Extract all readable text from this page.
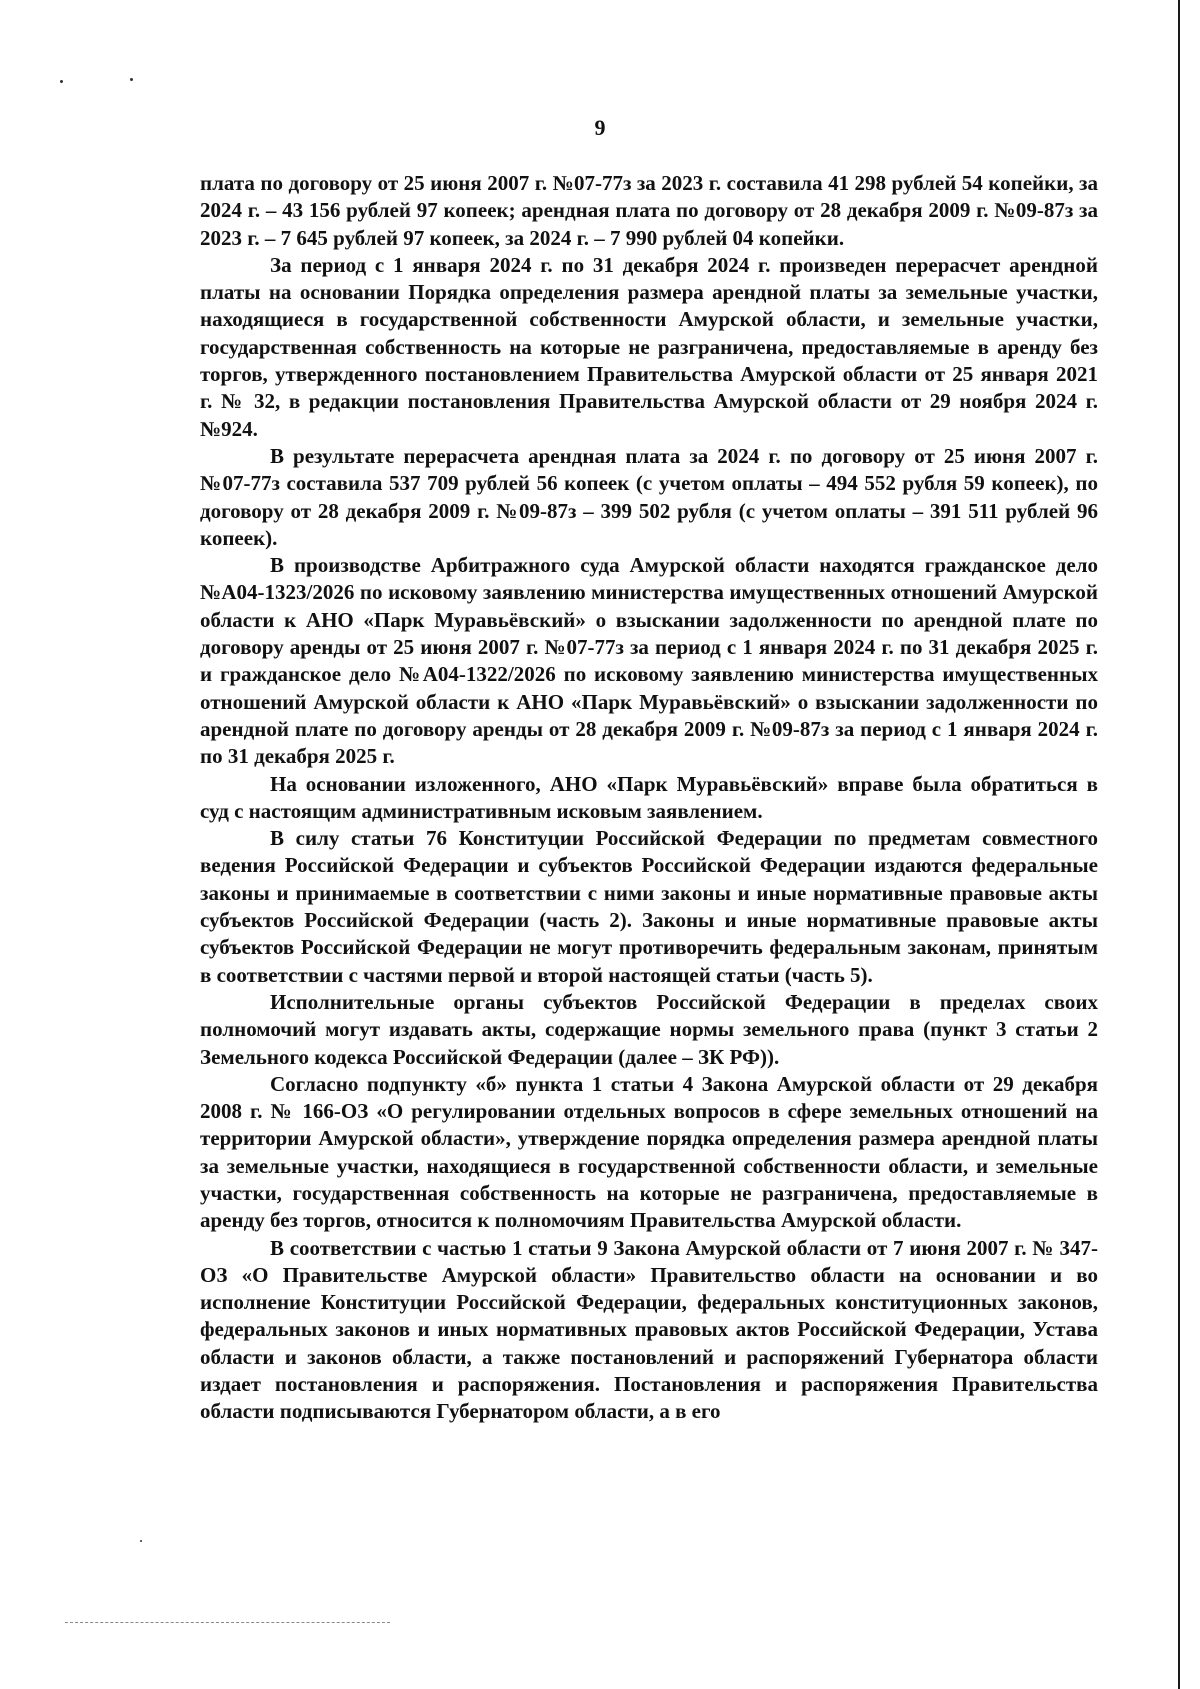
9

плата по договору от 25 июня 2007 г. №07-77з за 2023 г. составила 41 298 рублей 54 копейки, за 2024 г. – 43 156 рублей 97 копеек; арендная плата по договору от 28 декабря 2009 г. №09-87з за 2023 г. – 7 645 рублей 97 копеек, за 2024 г. – 7 990 рублей 04 копейки.

За период с 1 января 2024 г. по 31 декабря 2024 г. произведен перерасчет арендной платы на основании Порядка определения размера арендной платы за земельные участки, находящиеся в государственной собственности Амурской области, и земельные участки, государственная собственность на которые не разграничена, предоставляемые в аренду без торгов, утвержденного постановлением Правительства Амурской области от 25 января 2021 г. № 32, в редакции постановления Правительства Амурской области от 29 ноября 2024 г. №924.

В результате перерасчета арендная плата за 2024 г. по договору от 25 июня 2007 г. №07-77з составила 537 709 рублей 56 копеек (с учетом оплаты – 494 552 рубля 59 копеек), по договору от 28 декабря 2009 г. №09-87з – 399 502 рубля (с учетом оплаты – 391 511 рублей 96 копеек).

В производстве Арбитражного суда Амурской области находятся гражданское дело №А04-1323/2026 по исковому заявлению министерства имущественных отношений Амурской области к АНО «Парк Муравьёвский» о взыскании задолженности по арендной плате по договору аренды от 25 июня 2007 г. №07-77з за период с 1 января 2024 г. по 31 декабря 2025 г. и гражданское дело №А04-1322/2026 по исковому заявлению министерства имущественных отношений Амурской области к АНО «Парк Муравьёвский» о взыскании задолженности по арендной плате по договору аренды от 28 декабря 2009 г. №09-87з за период с 1 января 2024 г. по 31 декабря 2025 г.

На основании изложенного, АНО «Парк Муравьёвский» вправе была обратиться в суд с настоящим административным исковым заявлением.

В силу статьи 76 Конституции Российской Федерации по предметам совместного ведения Российской Федерации и субъектов Российской Федерации издаются федеральные законы и принимаемые в соответствии с ними законы и иные нормативные правовые акты субъектов Российской Федерации (часть 2). Законы и иные нормативные правовые акты субъектов Российской Федерации не могут противоречить федеральным законам, принятым в соответствии с частями первой и второй настоящей статьи (часть 5).

Исполнительные органы субъектов Российской Федерации в пределах своих полномочий могут издавать акты, содержащие нормы земельного права (пункт 3 статьи 2 Земельного кодекса Российской Федерации (далее – ЗК РФ)).

Согласно подпункту «б» пункта 1 статьи 4 Закона Амурской области от 29 декабря 2008 г. № 166-ОЗ «О регулировании отдельных вопросов в сфере земельных отношений на территории Амурской области», утверждение порядка определения размера арендной платы за земельные участки, находящиеся в государственной собственности области, и земельные участки, государственная собственность на которые не разграничена, предоставляемые в аренду без торгов, относится к полномочиям Правительства Амурской области.

В соответствии с частью 1 статьи 9 Закона Амурской области от 7 июня 2007 г. № 347-ОЗ «О Правительстве Амурской области» Правительство области на основании и во исполнение Конституции Российской Федерации, федеральных конституционных законов, федеральных законов и иных нормативных правовых актов Российской Федерации, Устава области и законов области, а также постановлений и распоряжений Губернатора области издает постановления и распоряжения. Постановления и распоряжения Правительства области подписываются Губернатором области, а в его
